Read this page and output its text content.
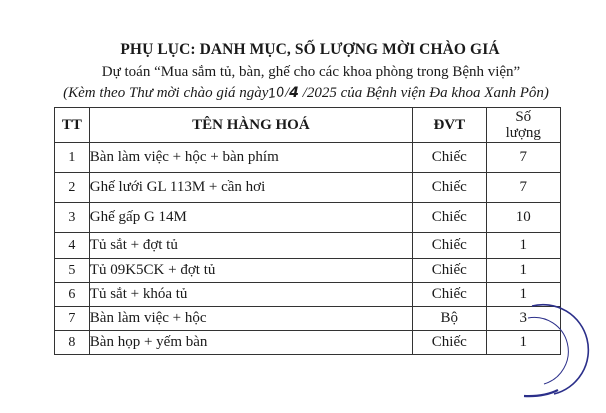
PHỤ LỤC: DANH MỤC, SỐ LƯỢNG MỜI CHÀO GIÁ
Dự toán “Mua sắm tủ, bàn, ghế cho các khoa phòng trong Bệnh viện”
(Kèm theo Thư mời chào giá ngày10/4 /2025 của Bệnh viện Đa khoa Xanh Pôn)
TT	TÊN HÀNG HOÁ	ĐVT	Số
lượng

1	Bàn làm việc + hộc + bàn phím	Chiếc	7
2	Ghế lưới GL 113M + cần hơi	Chiếc	7
3	Ghế gấp G 14M	Chiếc	10
4	Tủ sắt + đợt tủ	Chiếc	1
5	Tủ 09K5CK + đợt tủ	Chiếc	1
6	Tủ sắt + khóa tủ	Chiếc	1
7	Bàn làm việc + hộc	Bộ	3
8	Bàn họp + yếm bàn	Chiếc	1
